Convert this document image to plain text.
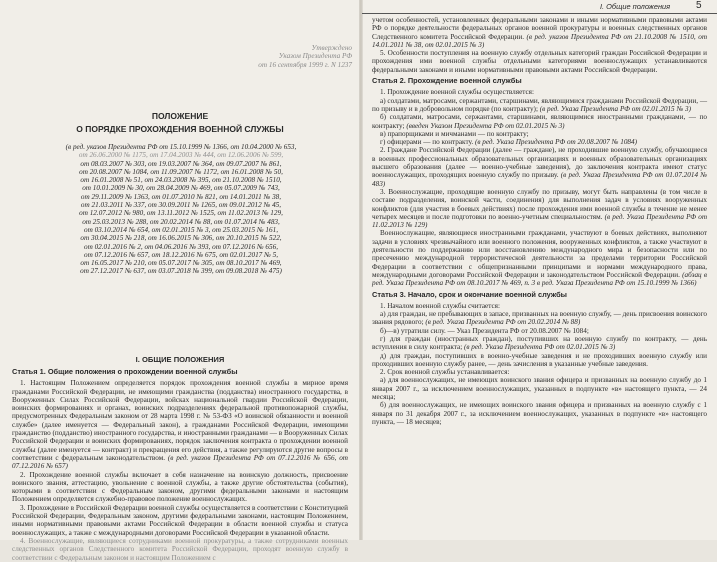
Утверждено
Указом Президента РФ
от 16 сентября 1999 г. N 1237
ПОЛОЖЕНИЕ
О ПОРЯДКЕ ПРОХОЖДЕНИЯ ВОЕННОЙ СЛУЖБЫ
(в ред. указов Президента РФ от 15.10.1999 № 1366, от 10.04.2000 № 653,
от 26.06.2000 № 1175, от 17.04.2003 № 444, от 12.06.2006 № 599,
от 08.03.2007 № 303, от 19.03.2007 № 364, от 09.07.2007 № 861,
от 20.08.2007 № 1084, от 11.09.2007 № 1172, от 16.01.2008 № 50,
от 16.01.2008 № 51, от 24.03.2008 № 395, от 21.10.2008 № 1510,
от 10.01.2009 № 30, от 28.04.2009 № 469, от 05.07.2009 № 743,
от 29.11.2009 № 1363, от 01.07.2010 № 821, от 14.01.2011 № 38,
от 21.03.2011 № 337, от 30.09.2011 № 1265, от 09.01.2012 № 45,
от 12.07.2012 № 980, от 13.11.2012 № 1525, от 11.02.2013 № 129,
от 25.03.2013 № 288, от 20.02.2014 № 88, от 01.07.2014 № 483,
от 03.10.2014 № 654, от 02.01.2015 № 3, от 25.03.2015 № 161,
от 30.04.2015 № 218, от 16.06.2015 № 306, от 20.10.2015 № 522,
от 02.01.2016 № 2, от 04.06.2016 № 393, от 07.12.2016 № 656,
от 07.12.2016 № 657, от 18.12.2016 № 675, от 02.01.2017 № 5,
от 16.05.2017 № 210, от 05.07.2017 № 305, от 08.10.2017 № 469,
от 27.12.2017 № 637, от 03.07.2018 № 399, от 09.08.2018 № 475)
I. ОБЩИЕ ПОЛОЖЕНИЯ

Статья 1. Общие положения о прохождении военной службы

1. Настоящим Положением определяется порядок прохождения военной службы в мирное время гражданами Российской Федерации, не имеющими гражданства (подданства) иностранного государства, в Вооруженных Силах Российской Федерации, войсках национальной гвардии Российской Федерации, воинских формированиях и органах, воинских подразделениях федеральной противопожарной службы, предусмотренных Федеральным законом от 28 марта 1998 г. № 53-ФЗ «О воинской обязанности и военной службе» (далее именуется — Федеральный закон), а гражданами Российской Федерации, имеющими гражданство (подданство) иностранного государства, и иностранными гражданами — в Вооруженных Силах Российской Федерации и воинских формированиях, порядок заключения контракта о прохождении военной службы (далее именуется — контракт) и прекращения его действия, а также регулируются другие вопросы в соответствии с федеральным законодательством. (в ред. указов Президента РФ от 07.12.2016 № 656, от 07.12.2016 № 657)

2. Прохождение военной службы включает в себя назначение на воинскую должность, присвоение воинского звания, аттестацию, увольнение с военной службы, а также другие обстоятельства (события), которыми в соответствии с Федеральным законом, другими федеральными законами и настоящим Положением определяется служебно-правовое положение военнослужащих.

3. Прохождение в Российской Федерации военной службы осуществляется в соответствии с Конституцией Российской Федерации, Федеральным законом, другими федеральными законами, настоящим Положением, иными нормативными правовыми актами Российской Федерации в области военной службы и статуса военнослужащих, а также с международными договорами Российской Федерации в указанной области.

4. Военнослужащие, являющиеся сотрудниками военной прокуратуры, а также сотрудниками военных следственных органов Следственного комитета Российской Федерации, проходят военную службу в соответствии с Федеральным законом и настоящим Положением с

I. Общие положения	5

учетом особенностей, установленных федеральными законами и иными нормативными правовыми актами РФ о порядке деятельности федеральных органов военной прокуратуры и военных следственных органов Следственного комитета Российской Федерации. (в ред. указов Президента РФ от 21.10.2008 № 1510, от 14.01.2011 № 38, от 02.01.2015 № 3)

5. Особенности поступления на военную службу отдельных категорий граждан Российской Федерации и прохождения ими военной службы отдельными категориями военнослужащих устанавливаются федеральными законами и иными нормативными правовыми актами Российской Федерации.

Статья 2. Прохождение военной службы

1. Прохождение военной службы осуществляется:

а) солдатами, матросами, сержантами, старшинами, являющимися гражданами Российской Федерации, — по призыву и в добровольном порядке (по контракту); (в ред. Указа Президента РФ от 02.01.2015 № 3)

б) солдатами, матросами, сержантами, старшинами, являющимися иностранными гражданами, — по контракту; (введен Указом Президента РФ от 02.01.2015 № 3)

в) прапорщиками и мичманами — по контракту;

г) офицерами — по контракту. (в ред. Указа Президента РФ от 20.08.2007 № 1084)

2. Граждане Российской Федерации (далее — граждане), не проходившие военную службу, обучающиеся в военных профессиональных образовательных организациях и военных образовательных организациях высшего образования (далее — военно-учебные заведения), до заключения контракта имеют статус военнослужащих, проходящих военную службу по призыву. (в ред. Указа Президента РФ от 01.07.2014 № 483)

3. Военнослужащие, проходящие военную службу по призыву, могут быть направлены (в том числе в составе подразделения, воинской части, соединения) для выполнения задач в условиях вооруженных конфликтов (для участия в боевых действиях) после прохождения ими военной службы в течение не менее четырех месяцев и после подготовки по военно-учетным специальностям. (в ред. Указа Президента РФ от 11.02.2013 № 129)

Военнослужащие, являющиеся иностранными гражданами, участвуют в боевых действиях, выполняют задачи в условиях чрезвычайного или военного положения, вооруженных конфликтов, а также участвуют в деятельности по поддержанию или восстановлению международного мира и безопасности или по пресечению международной террористической деятельности за пределами территории Российской Федерации в соответствии с общепризнанными принципами и нормами международного права, международными договорами Российской Федерации и законодательством Российской Федерации. (абзац в ред. Указа Президента РФ от 08.10.2017 № 469, п. 3 в ред. Указа Президента РФ от 15.10.1999 № 1366)

Статья 3. Начало, срок и окончание военной службы

1. Началом военной службы считается:

а) для граждан, не пребывающих в запасе, призванных на военную службу, — день присвоения воинского звания рядового; (в ред. Указа Президента РФ от 20.02.2014 № 88)

б)—в) утратили силу. — Указ Президента РФ от 20.08.2007 № 1084;

г) для граждан (иностранных граждан), поступивших на военную службу по контракту, — день вступления в силу контракта; (в ред. Указа Президента РФ от 02.01.2015 № 3)

д) для граждан, поступивших в военно-учебные заведения и не проходивших военную службу или проходивших военную службу ранее, — день зачисления в указанные учебные заведения.

2. Срок военной службы устанавливается:

а) для военнослужащих, не имеющих воинского звания офицера и призванных на военную службу до 1 января 2007 г., за исключением военнослужащих, указанных в подпункте «в» настоящего пункта, — 24 месяца;

б) для военнослужащих, не имеющих воинского звания офицера и призванных на военную службу с 1 января по 31 декабря 2007 г., за исключением военнослужащих, указанных в подпункте «в» настоящего пункта, — 18 месяцев;
